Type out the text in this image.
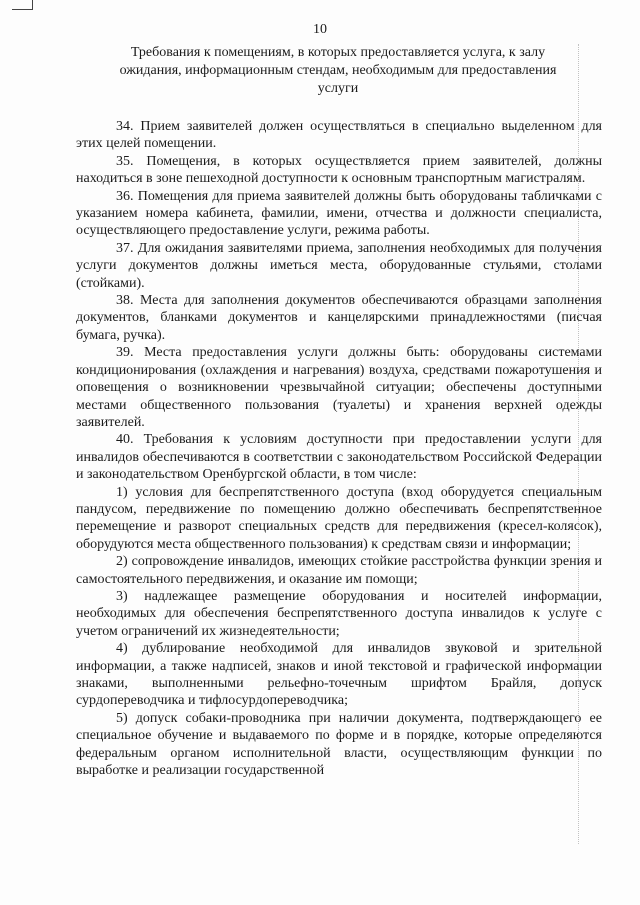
10
Требования к помещениям, в которых предоставляется услуга, к залу ожидания, информационным стендам, необходимым для предоставления услуги

34. Прием заявителей должен осуществляться в специально выделенном для этих целей помещении.

35. Помещения, в которых осуществляется прием заявителей, должны находиться в зоне пешеходной доступности к основным транспортным магистралям.

36. Помещения для приема заявителей должны быть оборудованы табличками с указанием номера кабинета, фамилии, имени, отчества и должности специалиста, осуществляющего предоставление услуги, режима работы.

37. Для ожидания заявителями приема, заполнения необходимых для получения услуги документов должны иметься места, оборудованные стульями, столами (стойками).

38. Места для заполнения документов обеспечиваются образцами заполнения документов, бланками документов и канцелярскими принадлежностями (писчая бумага, ручка).

39. Места предоставления услуги должны быть: оборудованы системами кондиционирования (охлаждения и нагревания) воздуха, средствами пожаротушения и оповещения о возникновении чрезвычайной ситуации; обеспечены доступными местами общественного пользования (туалеты) и хранения верхней одежды заявителей.

40. Требования к условиям доступности при предоставлении услуги для инвалидов обеспечиваются в соответствии с законодательством Российской Федерации и законодательством Оренбургской области, в том числе:

1) условия для беспрепятственного доступа (вход оборудуется специальным пандусом, передвижение по помещению должно обеспечивать беспрепятственное перемещение и разворот специальных средств для передвижения (кресел-колясок), оборудуются места общественного пользования) к средствам связи и информации;

2) сопровождение инвалидов, имеющих стойкие расстройства функции зрения и самостоятельного передвижения, и оказание им помощи;

3) надлежащее размещение оборудования и носителей информации, необходимых для обеспечения беспрепятственного доступа инвалидов к услуге с учетом ограничений их жизнедеятельности;

4) дублирование необходимой для инвалидов звуковой и зрительной информации, а также надписей, знаков и иной текстовой и графической информации знаками, выполненными рельефно-точечным шрифтом Брайля, допуск сурдопереводчика и тифлосурдопереводчика;

5) допуск собаки-проводника при наличии документа, подтверждающего ее специальное обучение и выдаваемого по форме и в порядке, которые определяются федеральным органом исполнительной власти, осуществляющим функции по выработке и реализации государственной
